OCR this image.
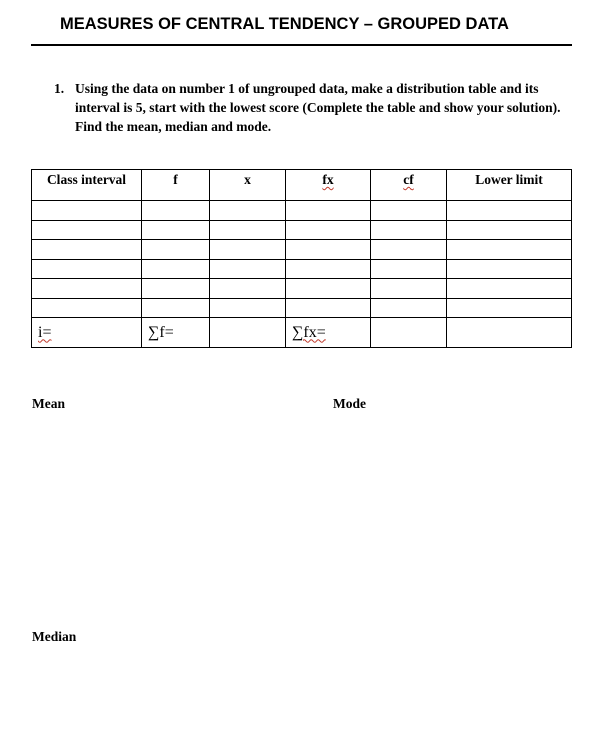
MEASURES OF CENTRAL TENDENCY – GROUPED DATA
1. Using the data on number 1 of ungrouped data, make a distribution table and its interval is 5, start with the lowest score (Complete the table and show your solution). Find the mean, median and mode.
Class interval	f	x	fx	cf	Lower limit

i=	∑f=		∑fx=		
Mean	Mode
Median
